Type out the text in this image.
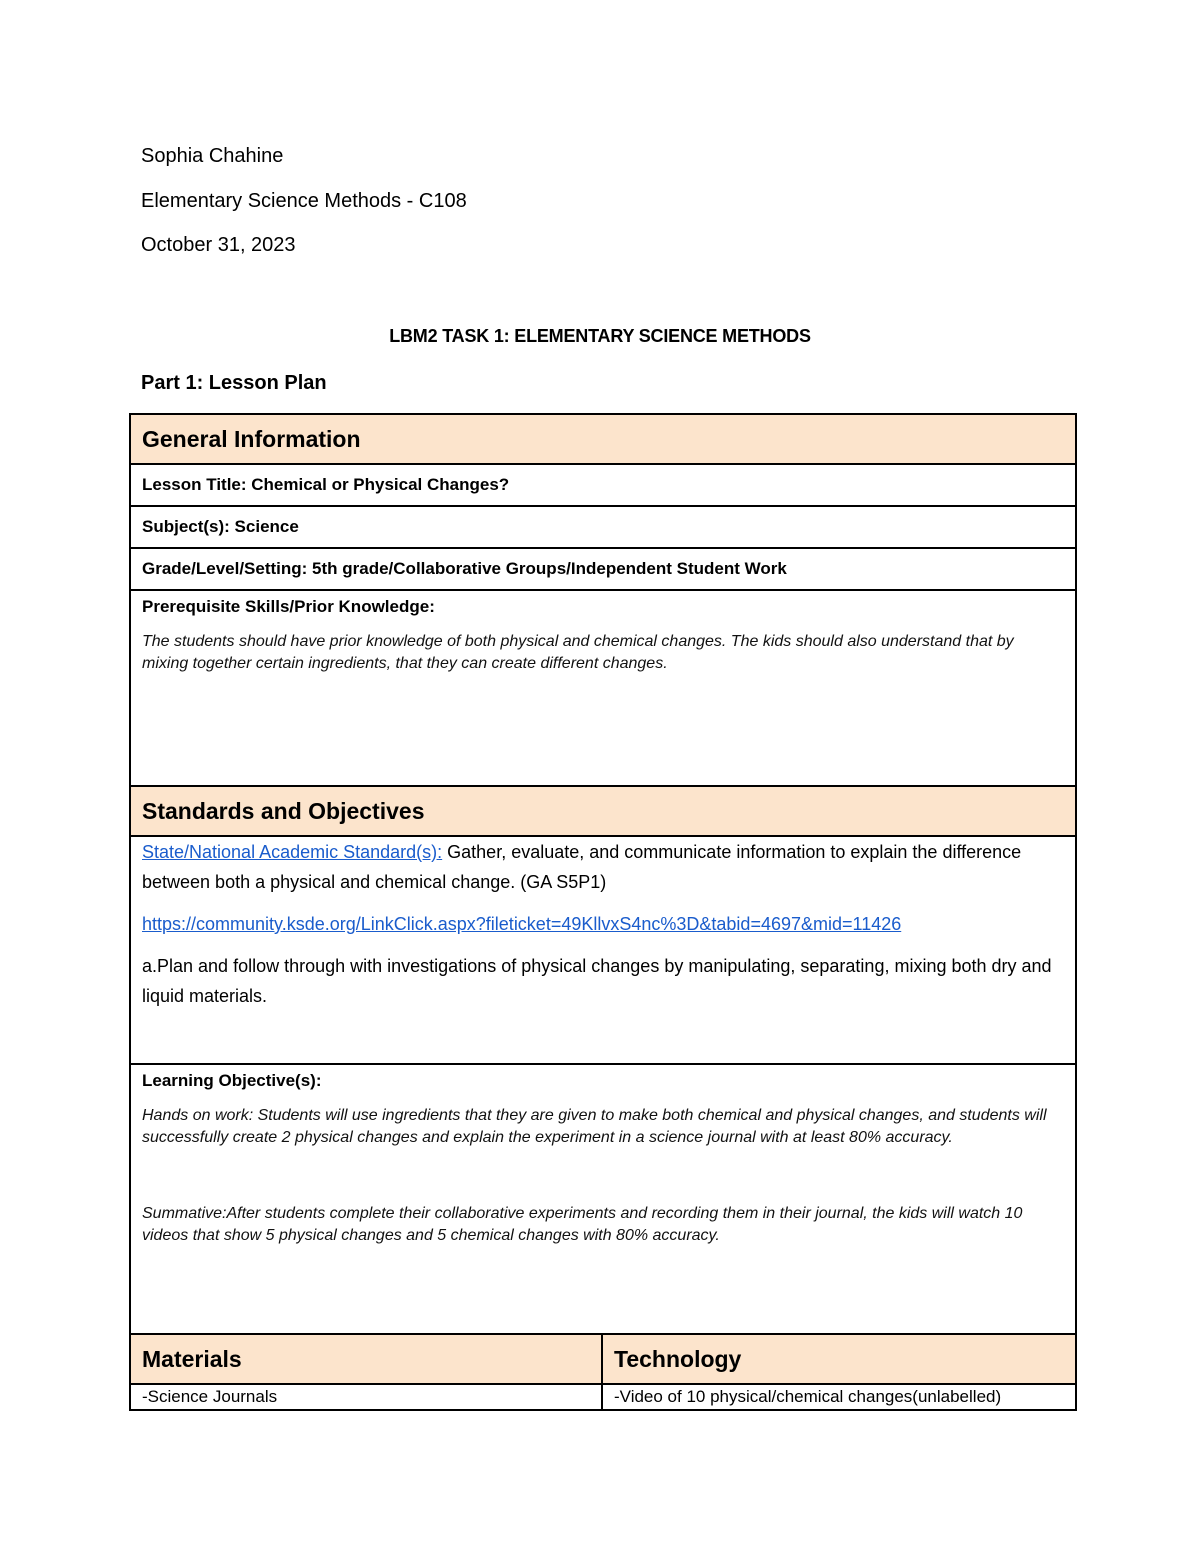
Sophia Chahine
Elementary Science Methods - C108
October 31, 2023
LBM2 TASK 1: ELEMENTARY SCIENCE METHODS
Part 1: Lesson Plan
General Information	
Lesson Title: Chemical or Physical Changes?	
Subject(s): Science	
Grade/Level/Setting: 5th grade/Collaborative Groups/Independent Student Work	

Prerequisite Skills/Prior Knowledge:

The students should have prior knowledge of both physical and chemical changes. The kids should also understand that by mixing together certain ingredients, that they can create different changes.	

Standards and Objectives	

State/National Academic Standard(s): Gather, evaluate, and communicate information to explain the difference between both a physical and chemical change. (GA S5P1)

https://community.ksde.org/LinkClick.aspx?fileticket=49KllvxS4nc%3D&tabid=4697&mid=11426

a.Plan and follow through with investigations of physical changes by manipulating, separating, mixing both dry and liquid materials.	

Learning Objective(s):

Hands on work: Students will use ingredients that they are given to make both chemical and physical changes, and students will successfully create 2 physical changes and explain the experiment in a science journal with at least 80% accuracy.

Summative:After students complete their collaborative experiments and recording them in their journal, the kids will watch 10 videos that show 5 physical changes and 5 chemical changes with 80% accuracy.	

Materials	Technology
-Science Journals	-Video of 10 physical/chemical changes(unlabelled)
